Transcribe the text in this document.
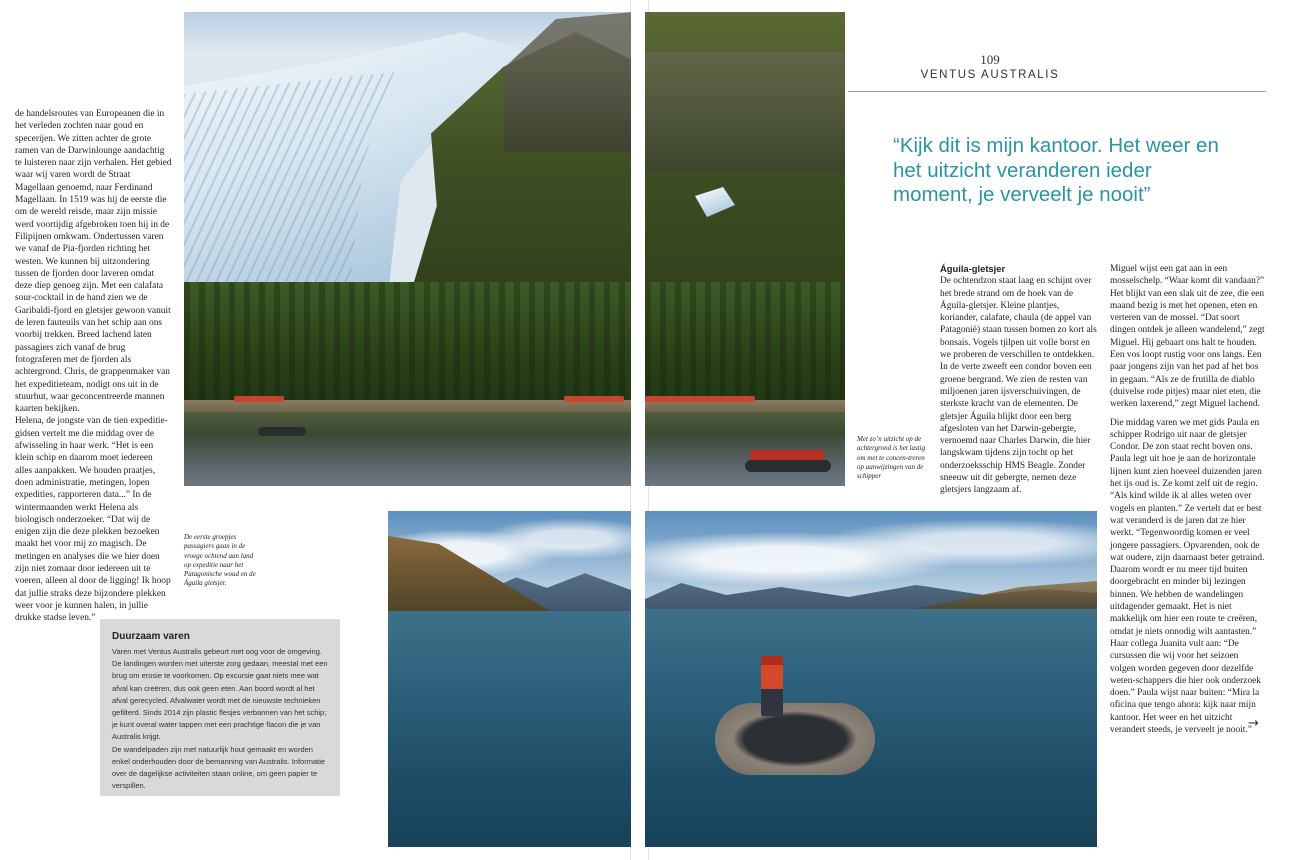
de handelsroutes van Europeanen die in het verleden zochten naar goud en specerijen. We zitten achter de grote ramen van de Darwinlounge aandachtig te luisteren naar zijn verhalen. Het gebied waar wij varen wordt de Straat Magellaan genoemd, naar Ferdinand Magellaan. In 1519 was hij de eerste die om de wereld reisde, maar zijn missie werd voortijdig afgebroken toen hij in de Filipijnen omkwam. Ondertussen varen we vanaf de Pia-fjorden richting het westen. We kunnen bij uitzondering tussen de fjorden door laveren omdat deze diep genoeg zijn. Met een calafata sour-cocktail in de hand zien we de Garibaldi-fjord en gletsjer gewoon vanuit de leren fauteuils van het schip aan ons voorbij trekken. Breed lachend laten passagiers zich vanaf de brug fotograferen met de fjorden als achtergrond. Chris, de grappenmaker van het expeditieteam, nodigt ons uit in de stuurhut, waar geconcentreerde mannen kaarten bekijken.

Helena, de jongste van de tien expeditie-gidsen vertelt me die middag over de afwisseling in haar werk. “Het is een klein schip en daarom moet iedereen alles aanpakken. We houden praatjes, doen administratie, metingen, lopen expedities, rapporteren data...” In de wintermaanden werkt Helena als biologisch onderzoeker. “Dat wij de enigen zijn die deze plekken bezoeken maakt het voor mij zo magisch. De metingen en analyses die we hier doen zijn niet zomaar door iedereen uit te voeren, alleen al door de ligging! Ik hoop dat jullie straks deze bijzondere plekken weer voor je kunnen halen, in jullie drukke stadse leven.”

De eerste groepjes passagiers gaan in de vroege ochtend aan land op expeditie naar het Patagonische woud en de Águila gletsjer.
Met zo’n uitzicht op de achtergrond is het lastig om met te concen-treren op aanwijzingen van de schipper
Duurzaam varen

Varen met Ventus Australis gebeurt met oog voor de omgeving. De landingen worden met uiterste zorg gedaan, meestal met een brug om erosie te voorkomen. Op excursie gaat niets mee wat afval kan creëren, dus ook geen eten. Aan boord wordt al het afval gerecycled. Afvalwater wordt met de nieuwste technieken gefilterd. Sinds 2014 zijn plastic flesjes verbannen van het schip; je kunt overal water tappen met een prachtige flacon die je van Australis krijgt.

De wandelpaden zijn met natuurlijk hout gemaakt en worden enkel onderhouden door de bemanning van Australis. Informatie over de dagelijkse activiteiten staan online, om geen papier te verspillen.

109
VENTUS AUSTRALIS
“Kijk dit is mijn kantoor. Het weer en het uitzicht veranderen ieder moment, je verveelt je nooit”
Águila-gletsjer

De ochtendzon staat laag en schijnt over het brede strand om de hoek van de Águila-gletsjer. Kleine plantjes, koriander, calafate, chaula (de appel van Patagonië) staan tussen bomen zo kort als bonsais. Vogels tjilpen uit volle borst en we proberen de verschillen te ontdekken. In de verte zweeft een condor boven een groene bergrand. We zien de resten van miljoenen jaren ijsverschuivingen, de sterkste kracht van de elementen. De gletsjer Águila blijkt door een berg afgesloten van het Darwin-gebergte, vernoemd naar Charles Darwin, die hier langskwam tijdens zijn tocht op het onderzoeksschip HMS Beagle. Zonder sneeuw uit dit gebergte, nemen deze gletsjers langzaam af.

Miguel wijst een gat aan in een mosselschelp. “Waar komt dit vandaan?” Het blijkt van een slak uit de zee, die een maand bezig is met het openen, eten en verteren van de mossel. “Dat soort dingen ontdek je alleen wandelend,” zegt Miguel. Hij gebaart ons halt te houden. Een vos loopt rustig voor ons langs. Een paar jongens zijn van het pad af het bos in gegaan. “Als ze de frutilla de diablo (duivelse rode pitjes) maar niet eten, die werken laxerend,” zegt Miguel lachend.

Die middag varen we met gids Paula en schipper Rodrigo uit naar de gletsjer Condor. De zon staat recht boven ons. Paula legt uit hoe je aan de horizontale lijnen kunt zien hoeveel duizenden jaren het ijs oud is. Ze komt zelf uit de regio. “Als kind wilde ik al alles weten over vogels en planten.” Ze vertelt dat er best wat veranderd is de jaren dat ze hier werkt. “Tegenwoordig komen er veel jongere passagiers. Opvarenden, ook de wat oudere, zijn daarnaast beter getraind. Daarom wordt er nu meer tijd buiten doorgebracht en minder bij lezingen binnen. We hebben de wandelingen uitdagender gemaakt. Het is niet makkelijk om hier een route te creëren, omdat je niets onnodig wilt aantasten.” Haar collega Juanita vult aan: “De cursussen die wij voor het seizoen volgen worden gegeven door dezelfde weten-schappers die hier ook onderzoek doen.” Paula wijst naar buiten: “Mira la oficina que tengo ahora: kijk naar mijn kantoor. Het weer en het uitzicht verandert steeds, je verveelt je nooit.”

→
